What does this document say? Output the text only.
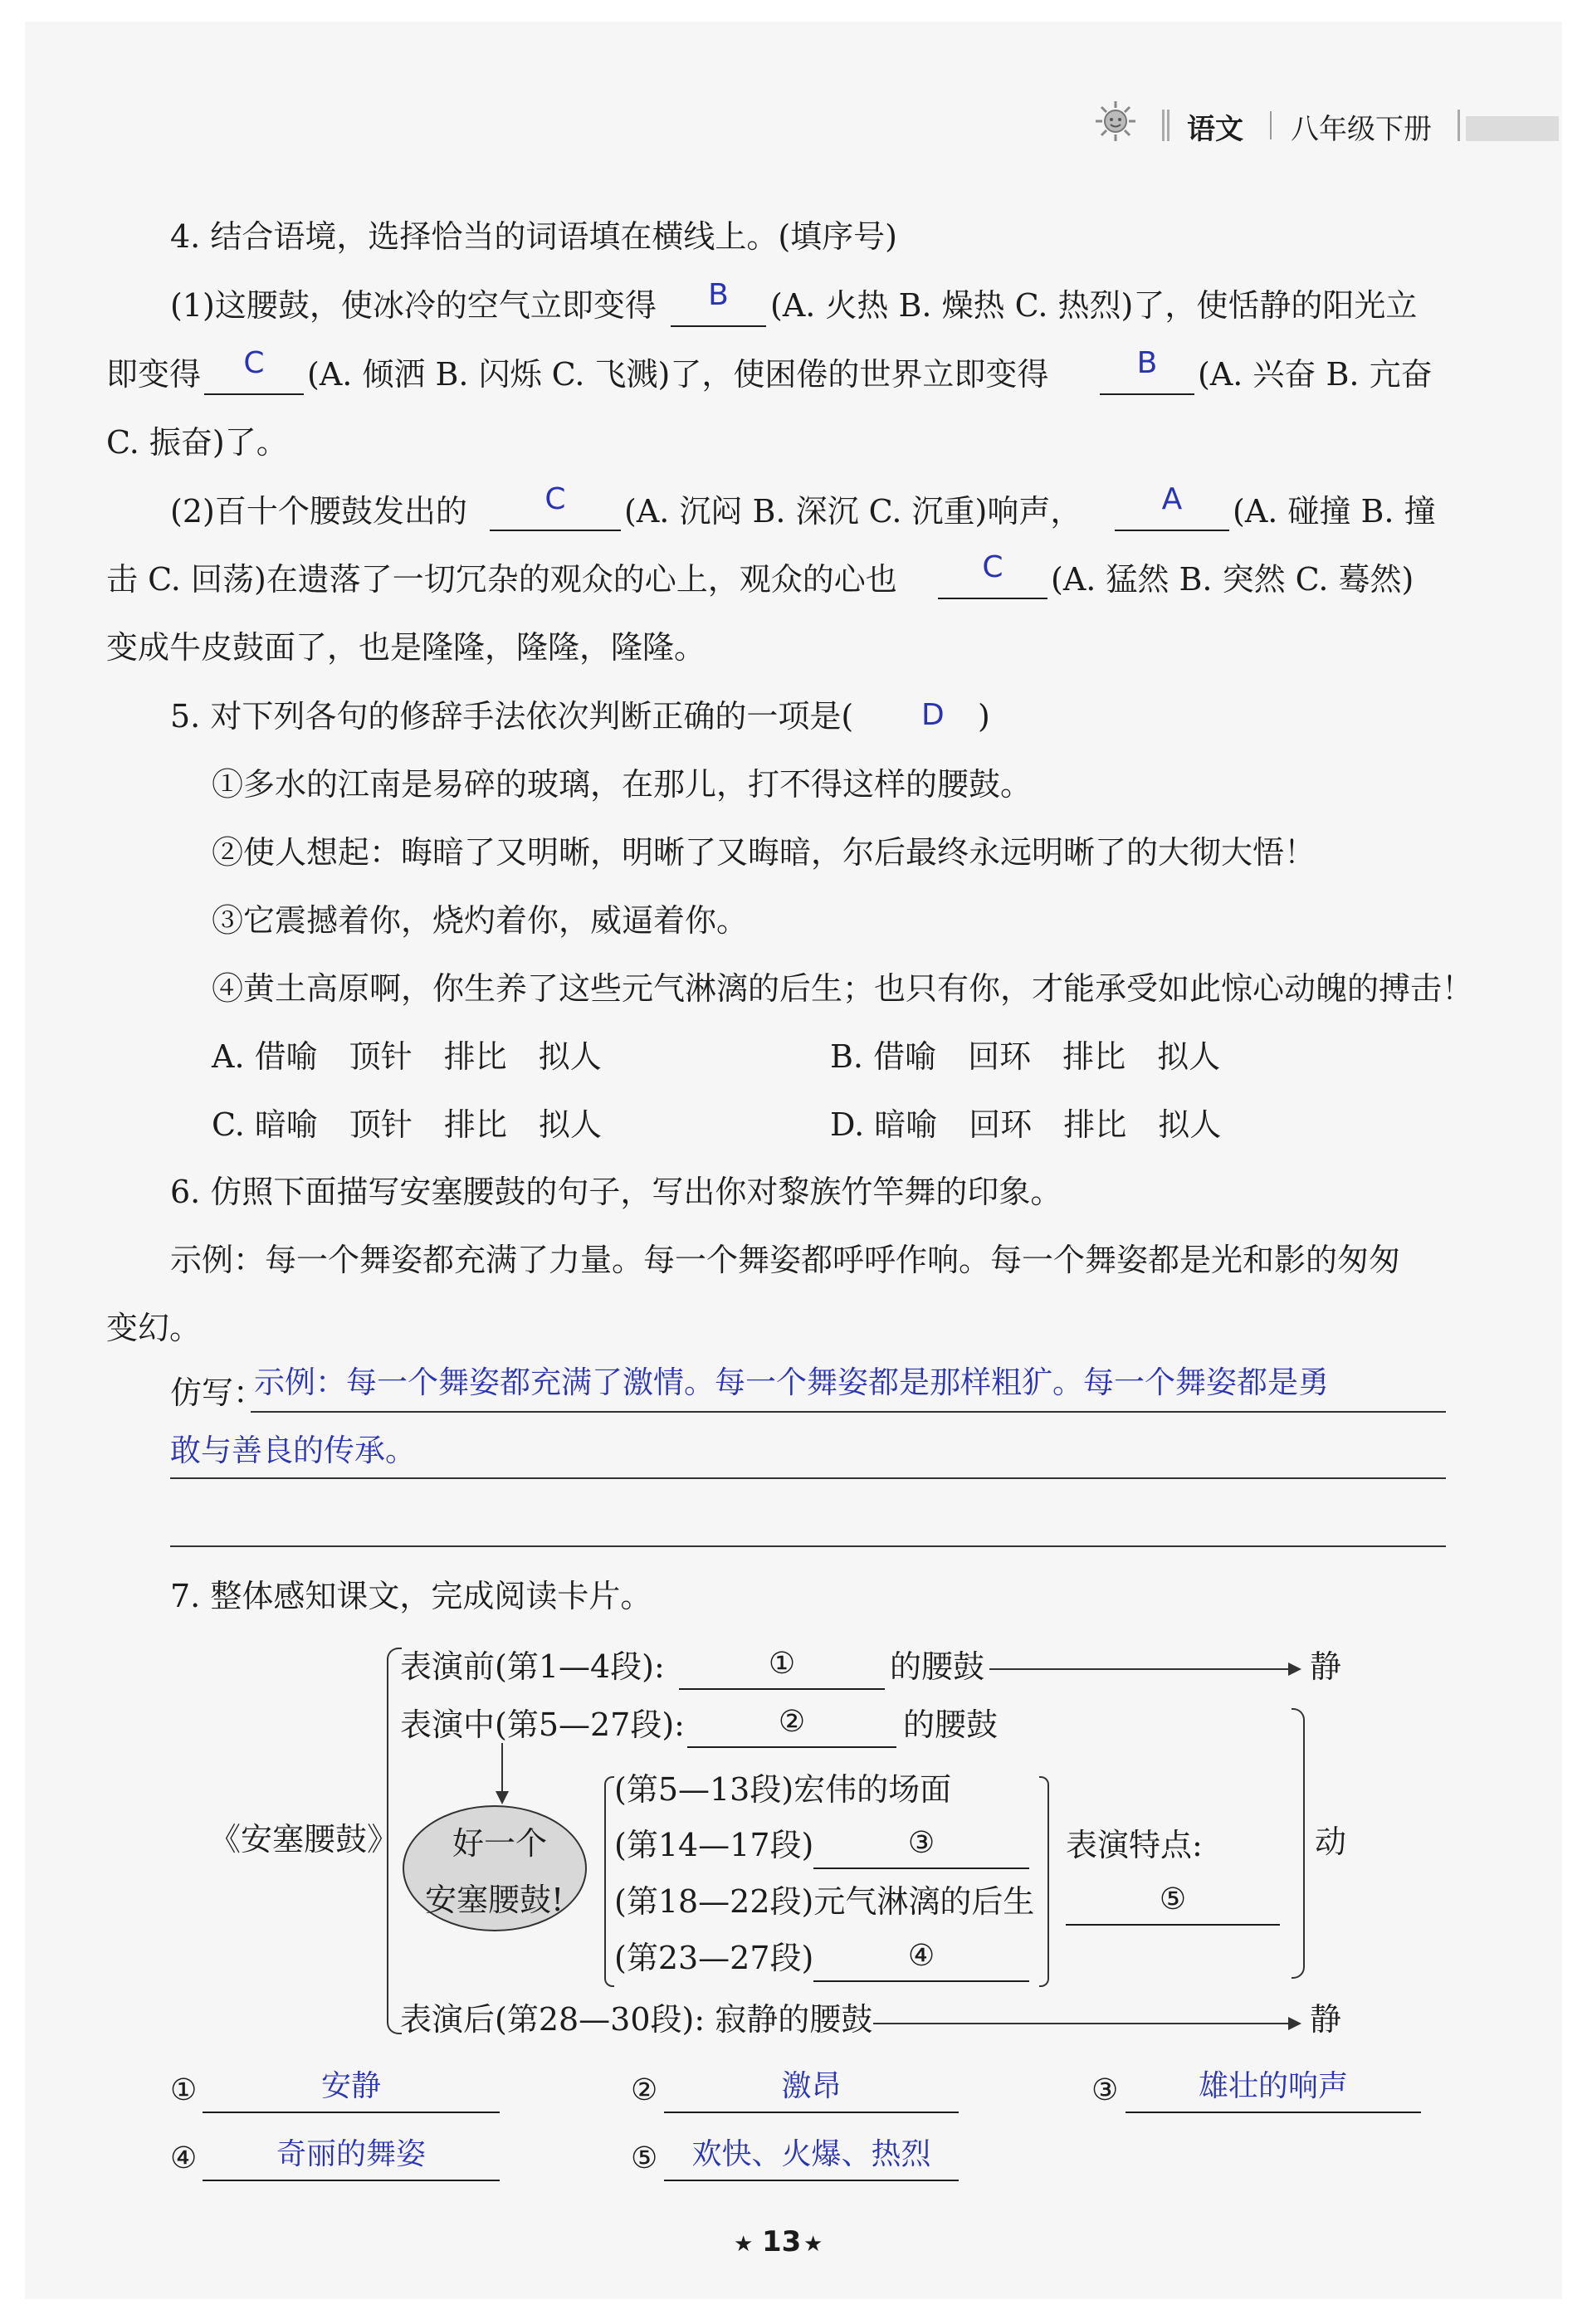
语文 八年级下册
4. 结合语境，选择恰当的词语填在横线上。(填序号)
(1)这腰鼓，使冰冷的空气立即变得	B	(A. 火热 B. 燥热 C. 热烈)了，使恬静的阳光立
即变得	C	(A. 倾洒 B. 闪烁 C. 飞溅)了，使困倦的世界立即变得	B	(A. 兴奋 B. 亢奋
C. 振奋)了。
(2)百十个腰鼓发出的	C	(A. 沉闷 B. 深沉 C. 沉重)响声，	A	(A. 碰撞 B. 撞
击 C. 回荡)在遗落了一切冗杂的观众的心上，观众的心也	C	(A. 猛然 B. 突然 C. 蓦然)
变成牛皮鼓面了，也是隆隆，隆隆，隆隆。
5. 对下列各句的修辞手法依次判断正确的一项是( D )
①多水的江南是易碎的玻璃，在那儿，打不得这样的腰鼓。
②使人想起：晦暗了又明晰，明晰了又晦暗，尔后最终永远明晰了的大彻大悟！
③它震撼着你，烧灼着你，威逼着你。
④黄土高原啊，你生养了这些元气淋漓的后生；也只有你，才能承受如此惊心动魄的搏击！
A. 借喻　顶针　排比　拟人	B. 借喻　回环　排比　拟人
C. 暗喻　顶针　排比　拟人	D. 暗喻　回环　排比　拟人
6. 仿照下面描写安塞腰鼓的句子，写出你对黎族竹竿舞的印象。
示例：每一个舞姿都充满了力量。每一个舞姿都呼呼作响。每一个舞姿都是光和影的匆匆
变幻。
仿写：
示例：每一个舞姿都充满了激情。每一个舞姿都是那样粗犷。每一个舞姿都是勇
敢与善良的传承。
7. 整体感知课文，完成阅读卡片。
《安塞腰鼓》
表演前(第1—4段):	①	的腰鼓	静
表演中(第5—27段):	②	的腰鼓
好一个
安塞腰鼓!
(第5—13段)宏伟的场面
(第14—17段)	③
(第18—22段)元气淋漓的后生
(第23—27段)	④
表演特点:
⑤
动
表演后(第28—30段): 寂静的腰鼓	静
①	安静	②	激昂	③	雄壮的响声
④	奇丽的舞姿	⑤	欢快、火爆、热烈
★ 13 ★
